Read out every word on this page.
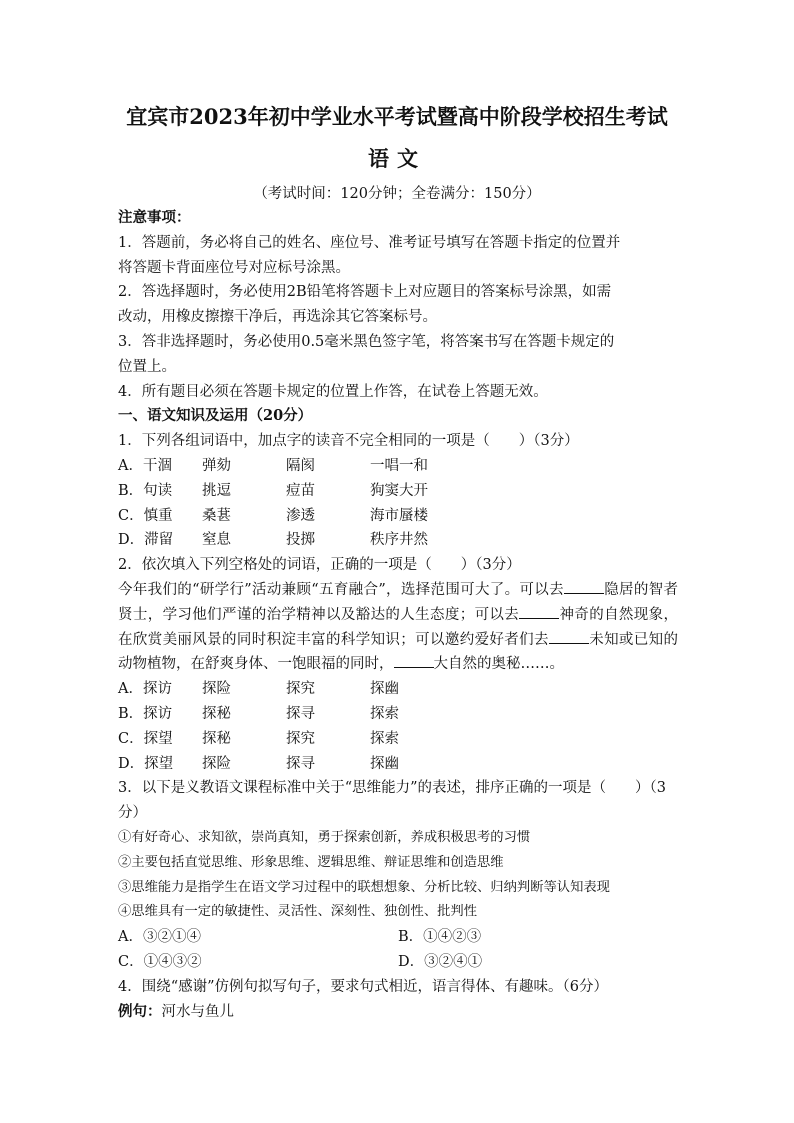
宜宾市2023年初中学业水平考试暨高中阶段学校招生考试
语文
（考试时间：120分钟；全卷满分：150分）
注意事项：
1．答题前，务必将自己的姓名、座位号、准考证号填写在答题卡指定的位置并
将答题卡背面座位号对应标号涂黑。
2．答选择题时，务必使用2B铅笔将答题卡上对应题目的答案标号涂黑，如需
改动，用橡皮擦擦干净后，再选涂其它答案标号。
3．答非选择题时，务必使用0.5毫米黑色签字笔，将答案书写在答题卡规定的
位置上。
4．所有题目必须在答题卡规定的位置上作答，在试卷上答题无效。
一、语文知识及运用（20分）
1．下列各组词语中，加点字的读音不完全相同的一项是（　　）（3分）
A．干涸	弹劾	隔阂	一唱一和
B．句读	挑逗	痘苗	狗窦大开
C．慎重	桑葚	渗透	海市蜃楼
D．滞留	窒息	投掷	秩序井然
2．依次填入下列空格处的词语，正确的一项是（　　）（3分）
今年我们的“研学行”活动兼顾“五育融合”，选择范围可大了。可以去	隐居的智者贤士，学习他们严谨的治学精神以及豁达的人生态度；可以去	神奇的自然现象，在欣赏美丽风景的同时积淀丰富的科学知识；可以邀约爱好者们去	未知或已知的动物植物，在舒爽身体、一饱眼福的同时，	大自然的奥秘……。
A．探访	探险	探究	探幽
B．探访	探秘	探寻	探索
C．探望	探秘	探究	探索
D．探望	探险	探寻	探幽
3．以下是义教语文课程标准中关于“思维能力”的表述，排序正确的一项是（　　）（3
分）
①有好奇心、求知欲，崇尚真知，勇于探索创新，养成积极思考的习惯
②主要包括直觉思维、形象思维、逻辑思维、辩证思维和创造思维
③思维能力是指学生在语文学习过程中的联想想象、分析比较、归纳判断等认知表现
④思维具有一定的敏捷性、灵活性、深刻性、独创性、批判性
A．③②①④	B．①④②③
C．①④③②	D．③②④①
4．围绕“感谢”仿例句拟写句子，要求句式相近，语言得体、有趣味。（6分）
例句：河水与鱼儿
